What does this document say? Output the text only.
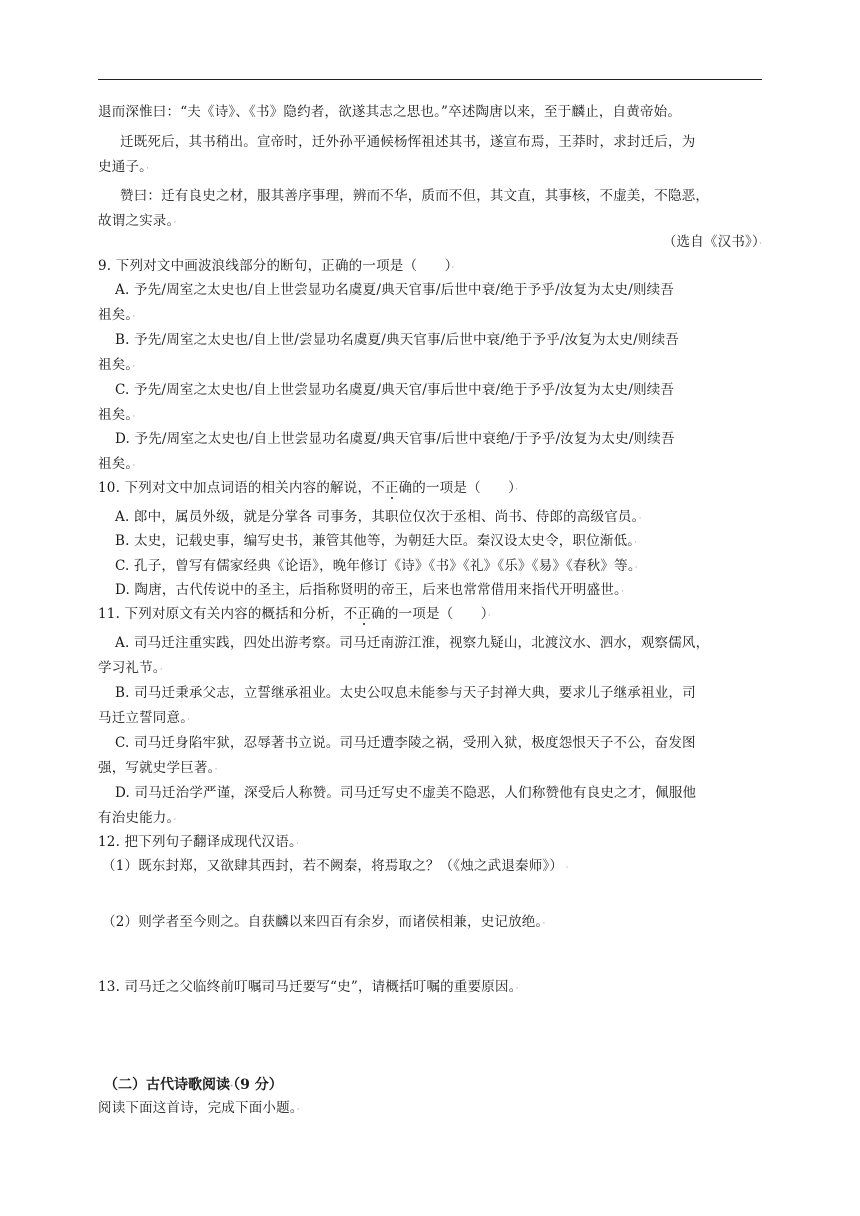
退而深惟曰：“夫《诗》、《书》隐约者，欲遂其志之思也。”卒述陶唐以来，至于麟止，自黄帝始。
迁既死后，其书稍出。宣帝时，迁外孙平通候杨恽祖述其书，遂宣布焉，王莽时，求封迁后，为
史通子。·
赞曰：迁有良史之材，服其善序事理，辨而不华，质而不但，其文直，其事核，不虚美，不隐恶，
故谓之实录。·
（选自《汉书》）·
9. 下列对文中画波浪线部分的断句，正确的一项是（　　）·
A. 予先/周室之太史也/自上世尝显功名虞夏/典天官事/后世中衰/绝于予乎/汝复为太史/则续吾
祖矣。·
B. 予先/周室之太史也/自上世/尝显功名虞夏/典天官事/后世中衰/绝于予乎/汝复为太史/则续吾
祖矣。·
C. 予先/周室之太史也/自上世尝显功名虞夏/典天官/事后世中衰/绝于予乎/汝复为太史/则续吾
祖矣。·
D. 予先/周室之太史也/自上世尝显功名虞夏/典天官事/后世中衰绝/于予乎/汝复为太史/则续吾
祖矣。·
10. 下列对文中加点词语的相关内容的解说，不正确的一项是（　　）·
A. 郎中，属员外级，就是分掌各 司事务，其职位仅次于丞相、尚书、侍郎的高级官员。·
B. 太史，记载史事，编写史书，兼管其他等，为朝廷大臣。秦汉设太史令，职位渐低。·
C. 孔子，曾写有儒家经典《论语》，晚年修订《诗》《书》《礼》《乐》《易》《春秋》等。·
D. 陶唐，古代传说中的圣主，后指称贤明的帝王，后来也常常借用来指代开明盛世。·
11. 下列对原文有关内容的概括和分析，不正确的一项是（　　）·
A. 司马迁注重实践，四处出游考察。司马迁南游江淮，视察九疑山，北渡汶水、泗水，观察儒风，
学习礼节。·
B. 司马迁秉承父志，立誓继承祖业。太史公叹息未能参与天子封禅大典，要求儿子继承祖业，司
马迁立誓同意。·
C. 司马迁身陷牢狱，忍辱著书立说。司马迁遭李陵之祸，受刑入狱，极度怨恨天子不公，奋发图
强，写就史学巨著。·
D. 司马迁治学严谨，深受后人称赞。司马迁写史不虚美不隐恶，人们称赞他有良史之才，佩服他
有治史能力。·
12. 把下列句子翻译成现代汉语。·
（1）既东封郑，又欲肆其西封，若不阙秦，将焉取之？（《烛之武退秦师》）　·
（2）则学者至今则之。自获麟以来四百有余岁，而诸侯相兼，史记放绝。·
13. 司马迁之父临终前叮嘱司马迁要写“史”，请概括叮嘱的重要原因。·
（二）古代诗歌阅读·（9 分）
阅读下面这首诗，完成下面小题。·
